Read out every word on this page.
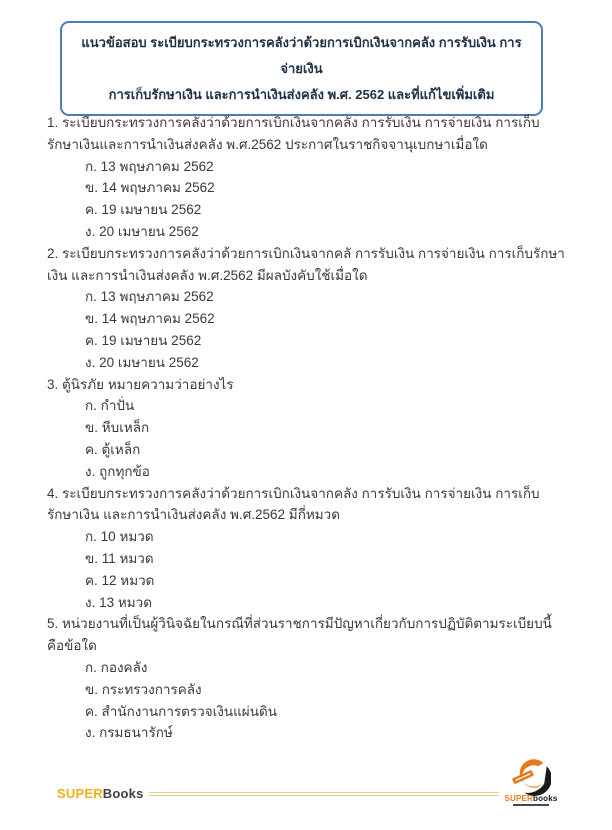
แนวข้อสอบ ระเบียบกระทรวงการคลังว่าด้วยการเบิกเงินจากคลัง การรับเงิน การจ่ายเงิน
การเก็บรักษาเงิน และการนำเงินส่งคลัง พ.ศ. 2562 และที่แก้ไขเพิ่มเติม
1. ระเบียบกระทรวงการคลังว่าด้วยการเบิกเงินจากคลัง การรับเงิน การจ่ายเงิน การเก็บรักษาเงินและการนำเงินส่งคลัง พ.ศ.2562 ประกาศในราชกิจจานุเบกษาเมื่อใด
ก. 13 พฤษภาคม 2562
ข. 14 พฤษภาคม 2562
ค. 19 เมษายน 2562
ง. 20 เมษายน 2562
2. ระเบียบกระทรวงการคลังว่าด้วยการเบิกเงินจากคลั การรับเงิน การจ่ายเงิน การเก็บรักษาเงิน และการนำเงินส่งคลัง พ.ศ.2562 มีผลบังคับใช้เมื่อใด
ก. 13 พฤษภาคม 2562
ข. 14 พฤษภาคม 2562
ค. 19 เมษายน 2562
ง. 20 เมษายน 2562
3. ตู้นิรภัย หมายความว่าอย่างไร
ก. กำปั่น
ข. หีบเหล็ก
ค. ตู้เหล็ก
ง. ถูกทุกข้อ
4. ระเบียบกระทรวงการคลังว่าด้วยการเบิกเงินจากคลัง การรับเงิน การจ่ายเงิน การเก็บรักษาเงิน และการนำเงินส่งคลัง พ.ศ.2562 มีกี่หมวด
ก. 10 หมวด
ข. 11 หมวด
ค. 12 หมวด
ง. 13 หมวด
5. หน่วยงานที่เป็นผู้วินิจฉัยในกรณีที่ส่วนราชการมีปัญหาเกี่ยวกับการปฏิบัติตามระเบียบนี้ คือข้อใด
ก. กองคลัง
ข. กระทรวงการคลัง
ค. สำนักงานการตรวจเงินแผ่นดิน
ง. กรมธนารักษ์
SUPERBooks	SUPERbooks
